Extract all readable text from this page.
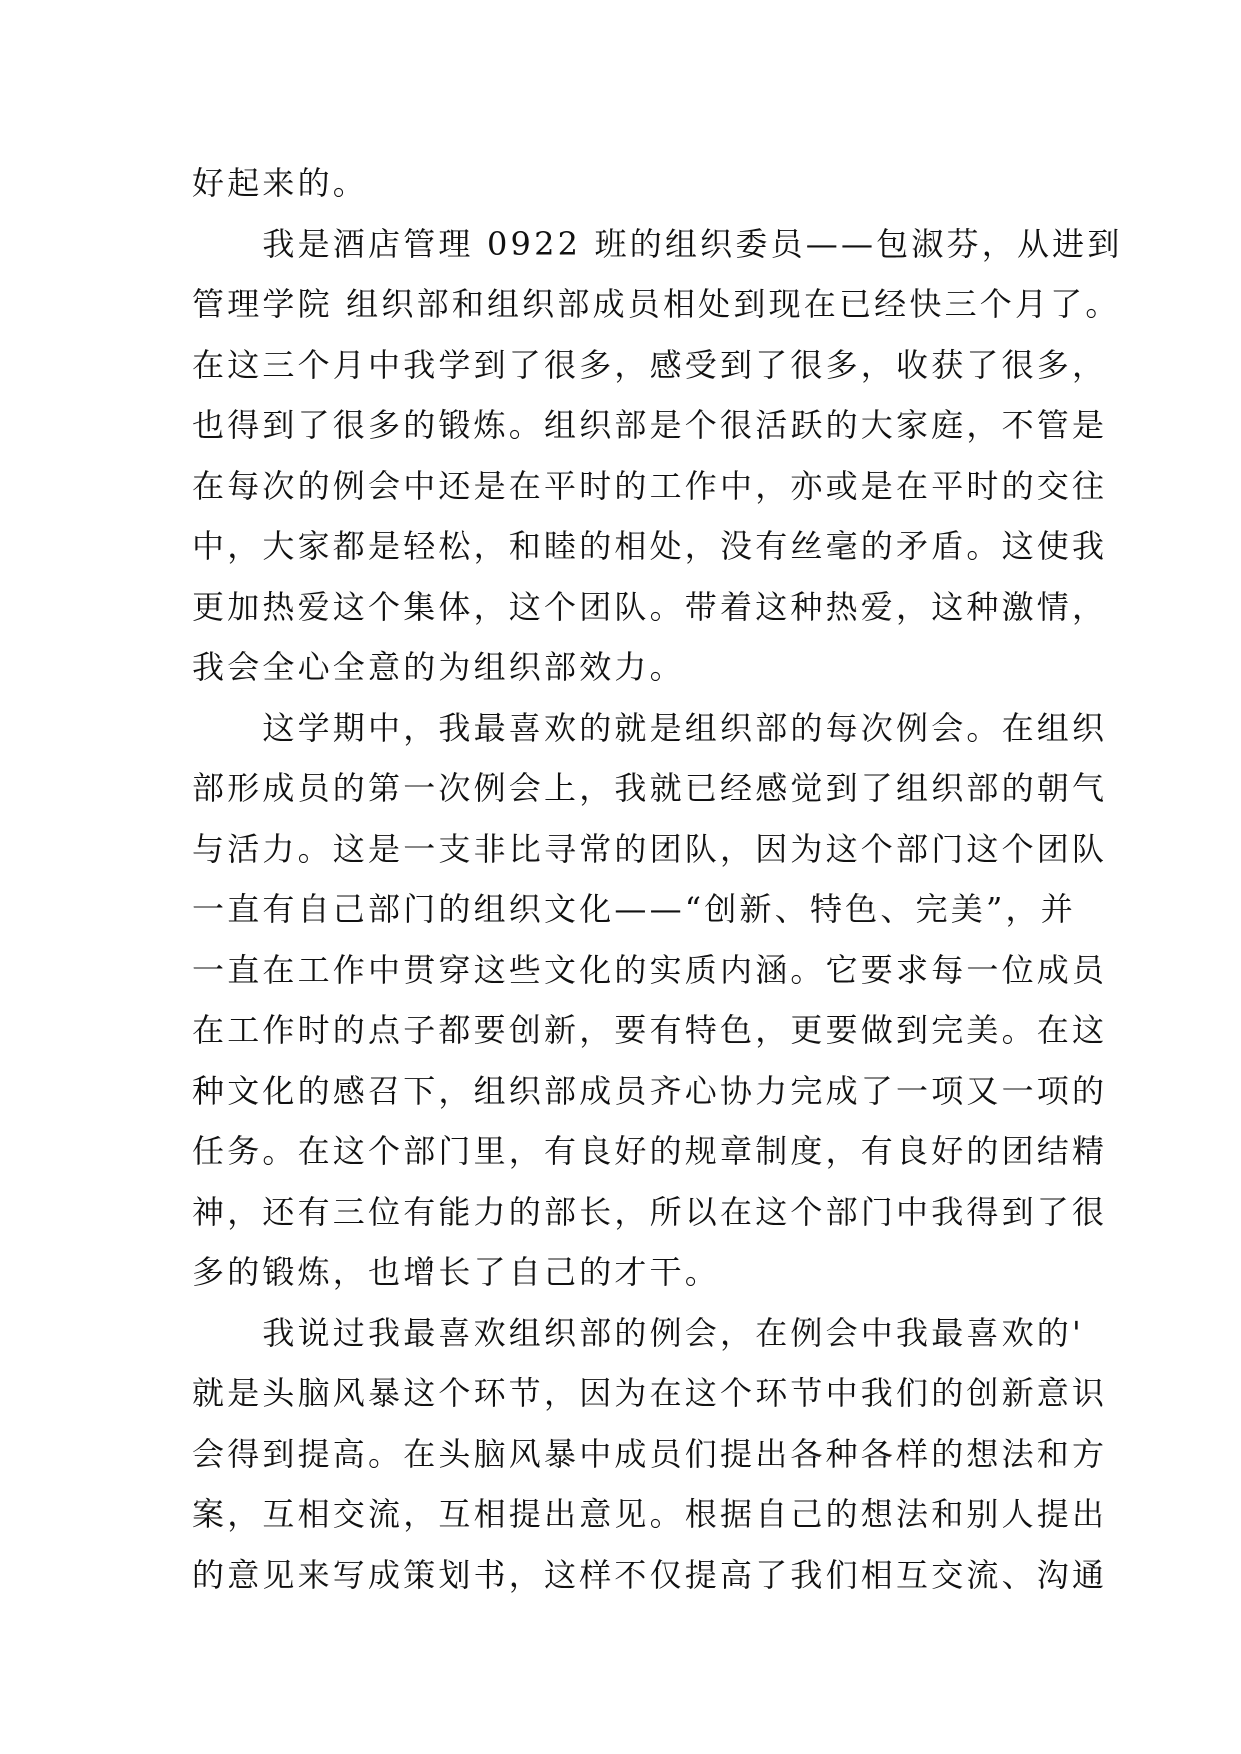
好起来的。
　　我是酒店管理 0922 班的组织委员——包淑芬，从进到
管理学院 组织部和组织部成员相处到现在已经快三个月了。
在这三个月中我学到了很多，感受到了很多，收获了很多，
也得到了很多的锻炼。组织部是个很活跃的大家庭，不管是
在每次的例会中还是在平时的工作中，亦或是在平时的交往
中，大家都是轻松，和睦的相处，没有丝毫的矛盾。这使我
更加热爱这个集体，这个团队。带着这种热爱，这种激情，
我会全心全意的为组织部效力。
　　这学期中，我最喜欢的就是组织部的每次例会。在组织
部形成员的第一次例会上，我就已经感觉到了组织部的朝气
与活力。这是一支非比寻常的团队，因为这个部门这个团队
一直有自己部门的组织文化——“创新、特色、完美”，并
一直在工作中贯穿这些文化的实质内涵。它要求每一位成员
在工作时的点子都要创新，要有特色，更要做到完美。在这
种文化的感召下，组织部成员齐心协力完成了一项又一项的
任务。在这个部门里，有良好的规章制度，有良好的团结精
神，还有三位有能力的部长，所以在这个部门中我得到了很
多的锻炼，也增长了自己的才干。
　　我说过我最喜欢组织部的例会，在例会中我最喜欢的'
就是头脑风暴这个环节，因为在这个环节中我们的创新意识
会得到提高。在头脑风暴中成员们提出各种各样的想法和方
案，互相交流，互相提出意见。根据自己的想法和别人提出
的意见来写成策划书，这样不仅提高了我们相互交流、沟通
